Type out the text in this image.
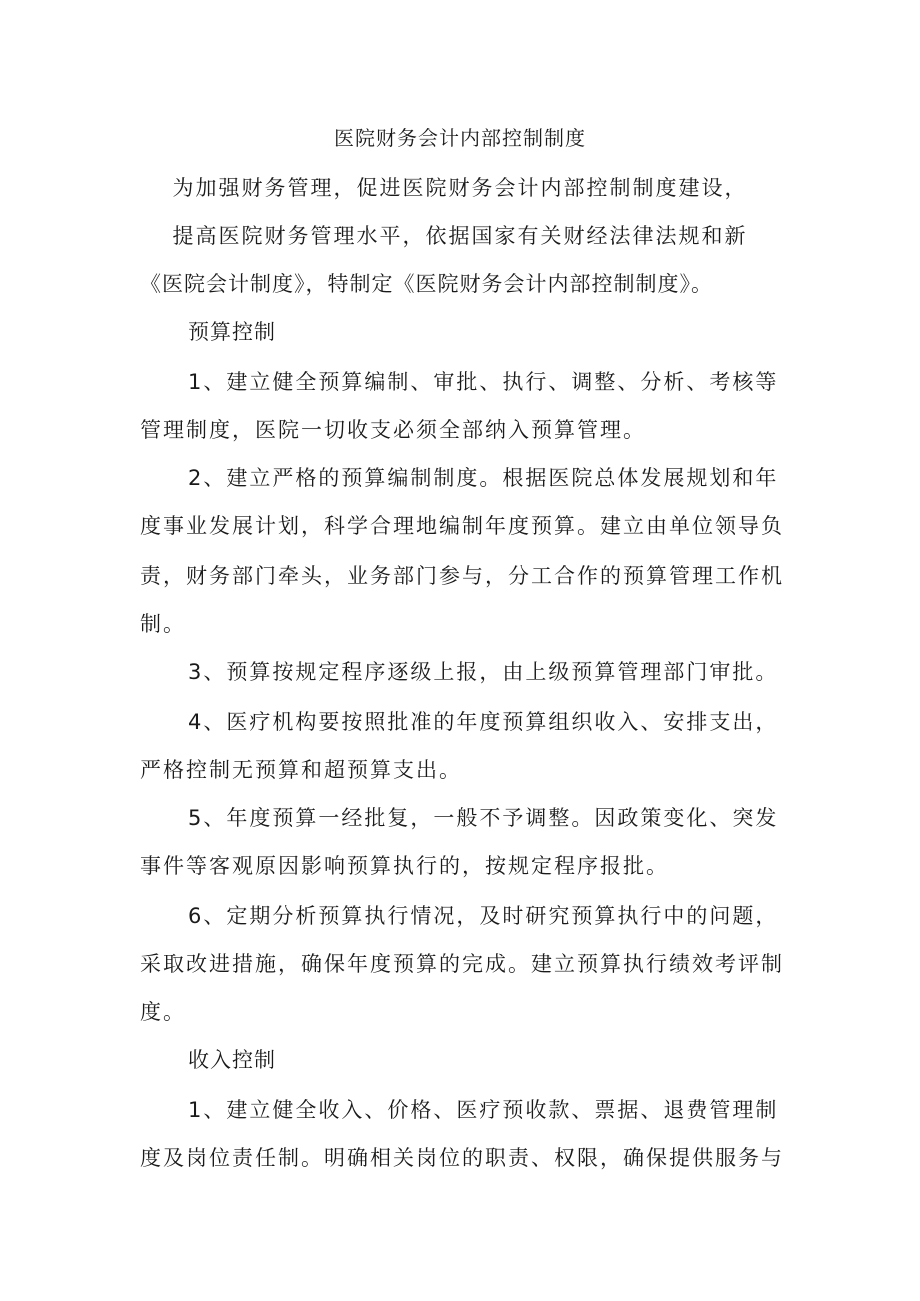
医院财务会计内部控制制度
为加强财务管理，促进医院财务会计内部控制制度建设，
提高医院财务管理水平，依据国家有关财经法律法规和新
《医院会计制度》，特制定《医院财务会计内部控制制度》。
预算控制
1、建立健全预算编制、审批、执行、调整、分析、考核等
管理制度，医院一切收支必须全部纳入预算管理。
2、建立严格的预算编制制度。根据医院总体发展规划和年
度事业发展计划，科学合理地编制年度预算。建立由单位领导负
责，财务部门牵头，业务部门参与，分工合作的预算管理工作机
制。
3、预算按规定程序逐级上报，由上级预算管理部门审批。
4、医疗机构要按照批准的年度预算组织收入、安排支出，
严格控制无预算和超预算支出。
5、年度预算一经批复，一般不予调整。因政策变化、突发
事件等客观原因影响预算执行的，按规定程序报批。
6、定期分析预算执行情况，及时研究预算执行中的问题，
采取改进措施，确保年度预算的完成。建立预算执行绩效考评制
度。
收入控制
1、建立健全收入、价格、医疗预收款、票据、退费管理制
度及岗位责任制。明确相关岗位的职责、权限，确保提供服务与
